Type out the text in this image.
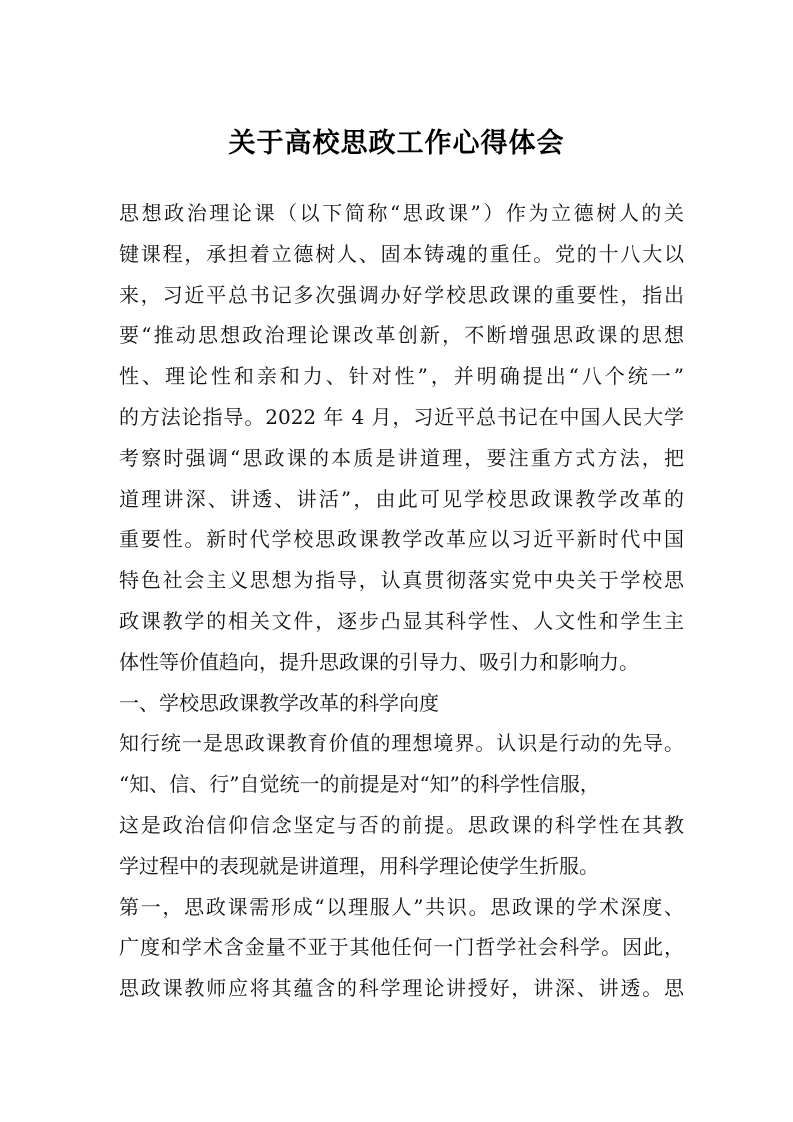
关于高校思政工作心得体会
思想政治理论课（以下简称“思政课”）作为立德树人的关
键课程，承担着立德树人、固本铸魂的重任。党的十八大以
来，习近平总书记多次强调办好学校思政课的重要性，指出
要“推动思想政治理论课改革创新，不断增强思政课的思想
性、理论性和亲和力、针对性”，并明确提出“八个统一”
的方法论指导。2022 年 4 月，习近平总书记在中国人民大学
考察时强调“思政课的本质是讲道理，要注重方式方法，把
道理讲深、讲透、讲活”，由此可见学校思政课教学改革的
重要性。新时代学校思政课教学改革应以习近平新时代中国
特色社会主义思想为指导，认真贯彻落实党中央关于学校思
政课教学的相关文件，逐步凸显其科学性、人文性和学生主
体性等价值趋向，提升思政课的引导力、吸引力和影响力。
一、学校思政课教学改革的科学向度
知行统一是思政课教育价值的理想境界。认识是行动的先导。
“知、信、行”自觉统一的前提是对“知”的科学性信服，
这是政治信仰信念坚定与否的前提。思政课的科学性在其教
学过程中的表现就是讲道理，用科学理论使学生折服。
第一，思政课需形成“以理服人”共识。思政课的学术深度、
广度和学术含金量不亚于其他任何一门哲学社会科学。因此，
思政课教师应将其蕴含的科学理论讲授好，讲深、讲透。思
